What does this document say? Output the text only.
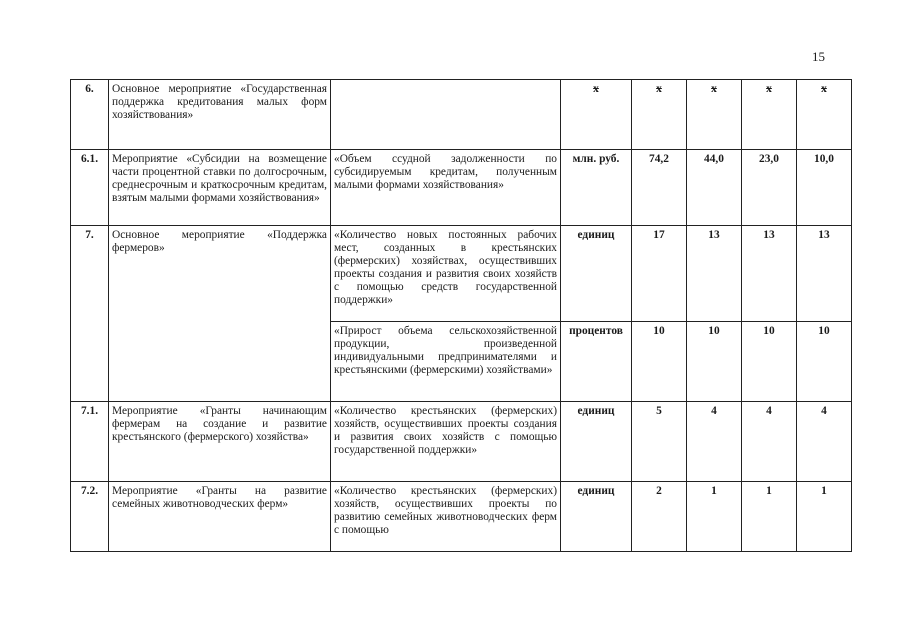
15
6.	Основное мероприятие «Государственная поддержка кредитования малых форм хозяйствования»		х	х	х	х	х
6.1.	Мероприятие «Субсидии на возмещение части процентной ставки по долгосрочным, среднесрочным и краткосрочным кредитам, взятым малыми формами хозяйствования»	«Объем ссудной задолженности по субсидируемым кредитам, полученным малыми формами хозяйствования»	млн. руб.	74,2	44,0	23,0	10,0
7.	Основное мероприятие «Поддержка фермеров»	«Количество новых постоянных рабочих мест, созданных в крестьянских (фермерских) хозяйствах, осуществивших проекты создания и развития своих хозяйств с помощью средств государственной поддержки»	единиц	17	13	13	13
		«Прирост объема сельскохозяйственной продукции, произведенной индивидуальными предпринимателями и крестьянскими (фермерскими) хозяйствами»	процентов	10	10	10	10
7.1.	Мероприятие «Гранты начинающим фермерам на создание и развитие крестьянского (фермерского) хозяйства»	«Количество крестьянских (фермерских) хозяйств, осуществивших проекты создания и развития своих хозяйств с помощью государственной поддержки»	единиц	5	4	4	4
7.2.	Мероприятие «Гранты на развитие семейных животноводческих ферм»	«Количество крестьянских (фермерских) хозяйств, осуществивших проекты по развитию семейных животноводческих ферм с помощью	единиц	2	1	1	1
